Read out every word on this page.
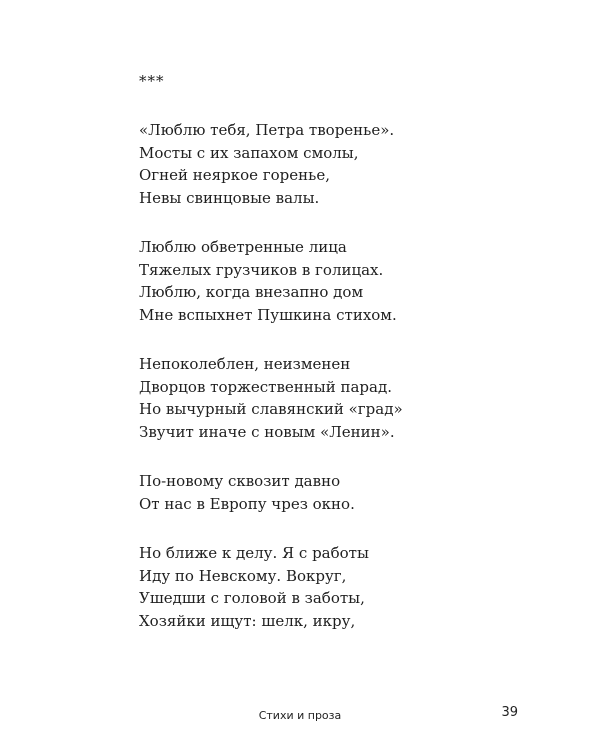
***
«Люблю тебя, Петра творенье».
Мосты с их запахом смолы,
Огней неяркое горенье,
Невы свинцовые валы.
Люблю обветренные лица
Тяжелых грузчиков в голицах.
Люблю, когда внезапно дом
Мне вспыхнет Пушкина стихом.
Непоколеблен, неизменен
Дворцов торжественный парад.
Но вычурный славянский «град»
Звучит иначе с новым «Ленин».
По-новому сквозит давно
От нас в Европу чрез окно.
Но ближе к делу. Я с работы
Иду по Невскому. Вокруг,
Ушедши с головой в заботы,
Хозяйки ищут: шелк, икру,
Стихи и проза	39
